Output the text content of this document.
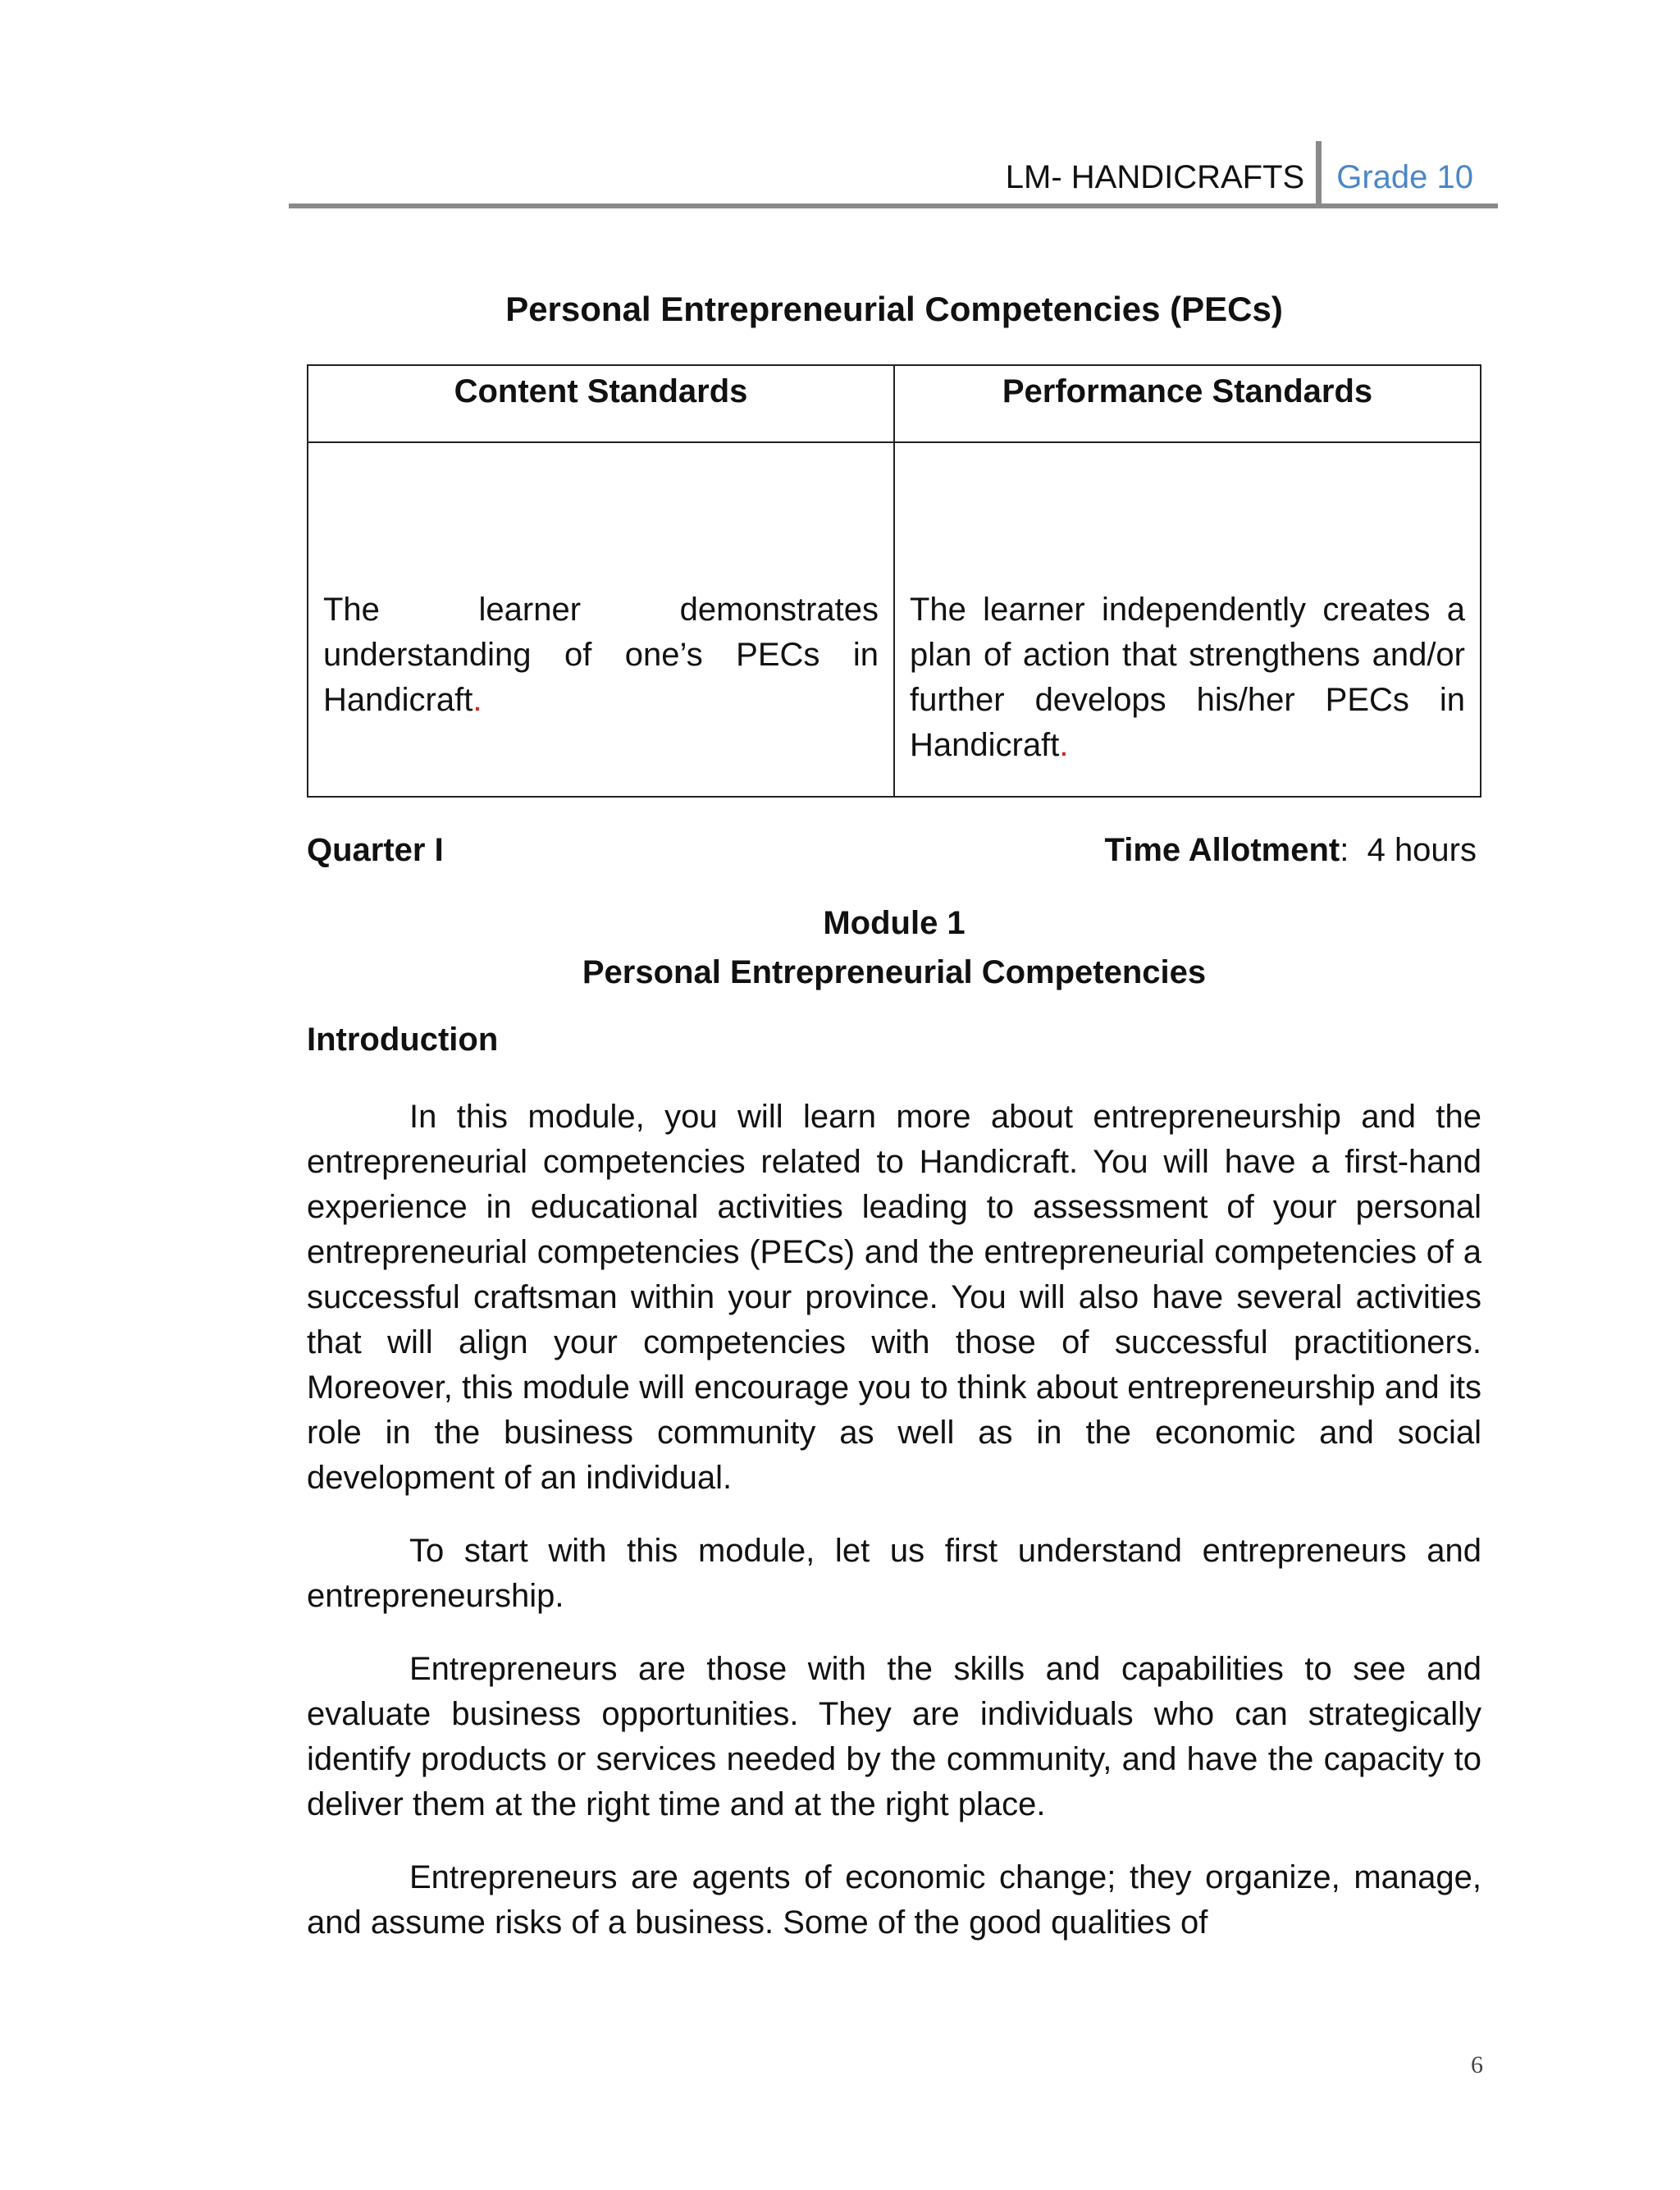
LM- HANDICRAFTS Grade 10
Personal Entrepreneurial Competencies (PECs)
Content Standards	Performance Standards
The learner demonstrates understanding of one’s PECs in Handicraft.	The learner independently creates a plan of action that strengthens and/or further develops his/her PECs in Handicraft.
Quarter I	Time Allotment:  4 hours
Module 1
Personal Entrepreneurial Competencies
Introduction

In this module, you will learn more about entrepreneurship and the entrepreneurial competencies related to Handicraft. You will have a first-hand experience in educational activities leading to assessment of your personal entrepreneurial competencies (PECs) and the entrepreneurial competencies of a successful craftsman within your province. You will also have several activities that will align your competencies with those of successful practitioners. Moreover, this module will encourage you to think about entrepreneurship and its role in the business community as well as in the economic and social development of an individual.

To start with this module, let us first understand entrepreneurs and entrepreneurship.

Entrepreneurs are those with the skills and capabilities to see and evaluate business opportunities. They are individuals who can strategically identify products or services needed by the community, and have the capacity to deliver them at the right time and at the right place.

Entrepreneurs are agents of economic change; they organize, manage, and assume risks of a business. Some of the good qualities of

6
